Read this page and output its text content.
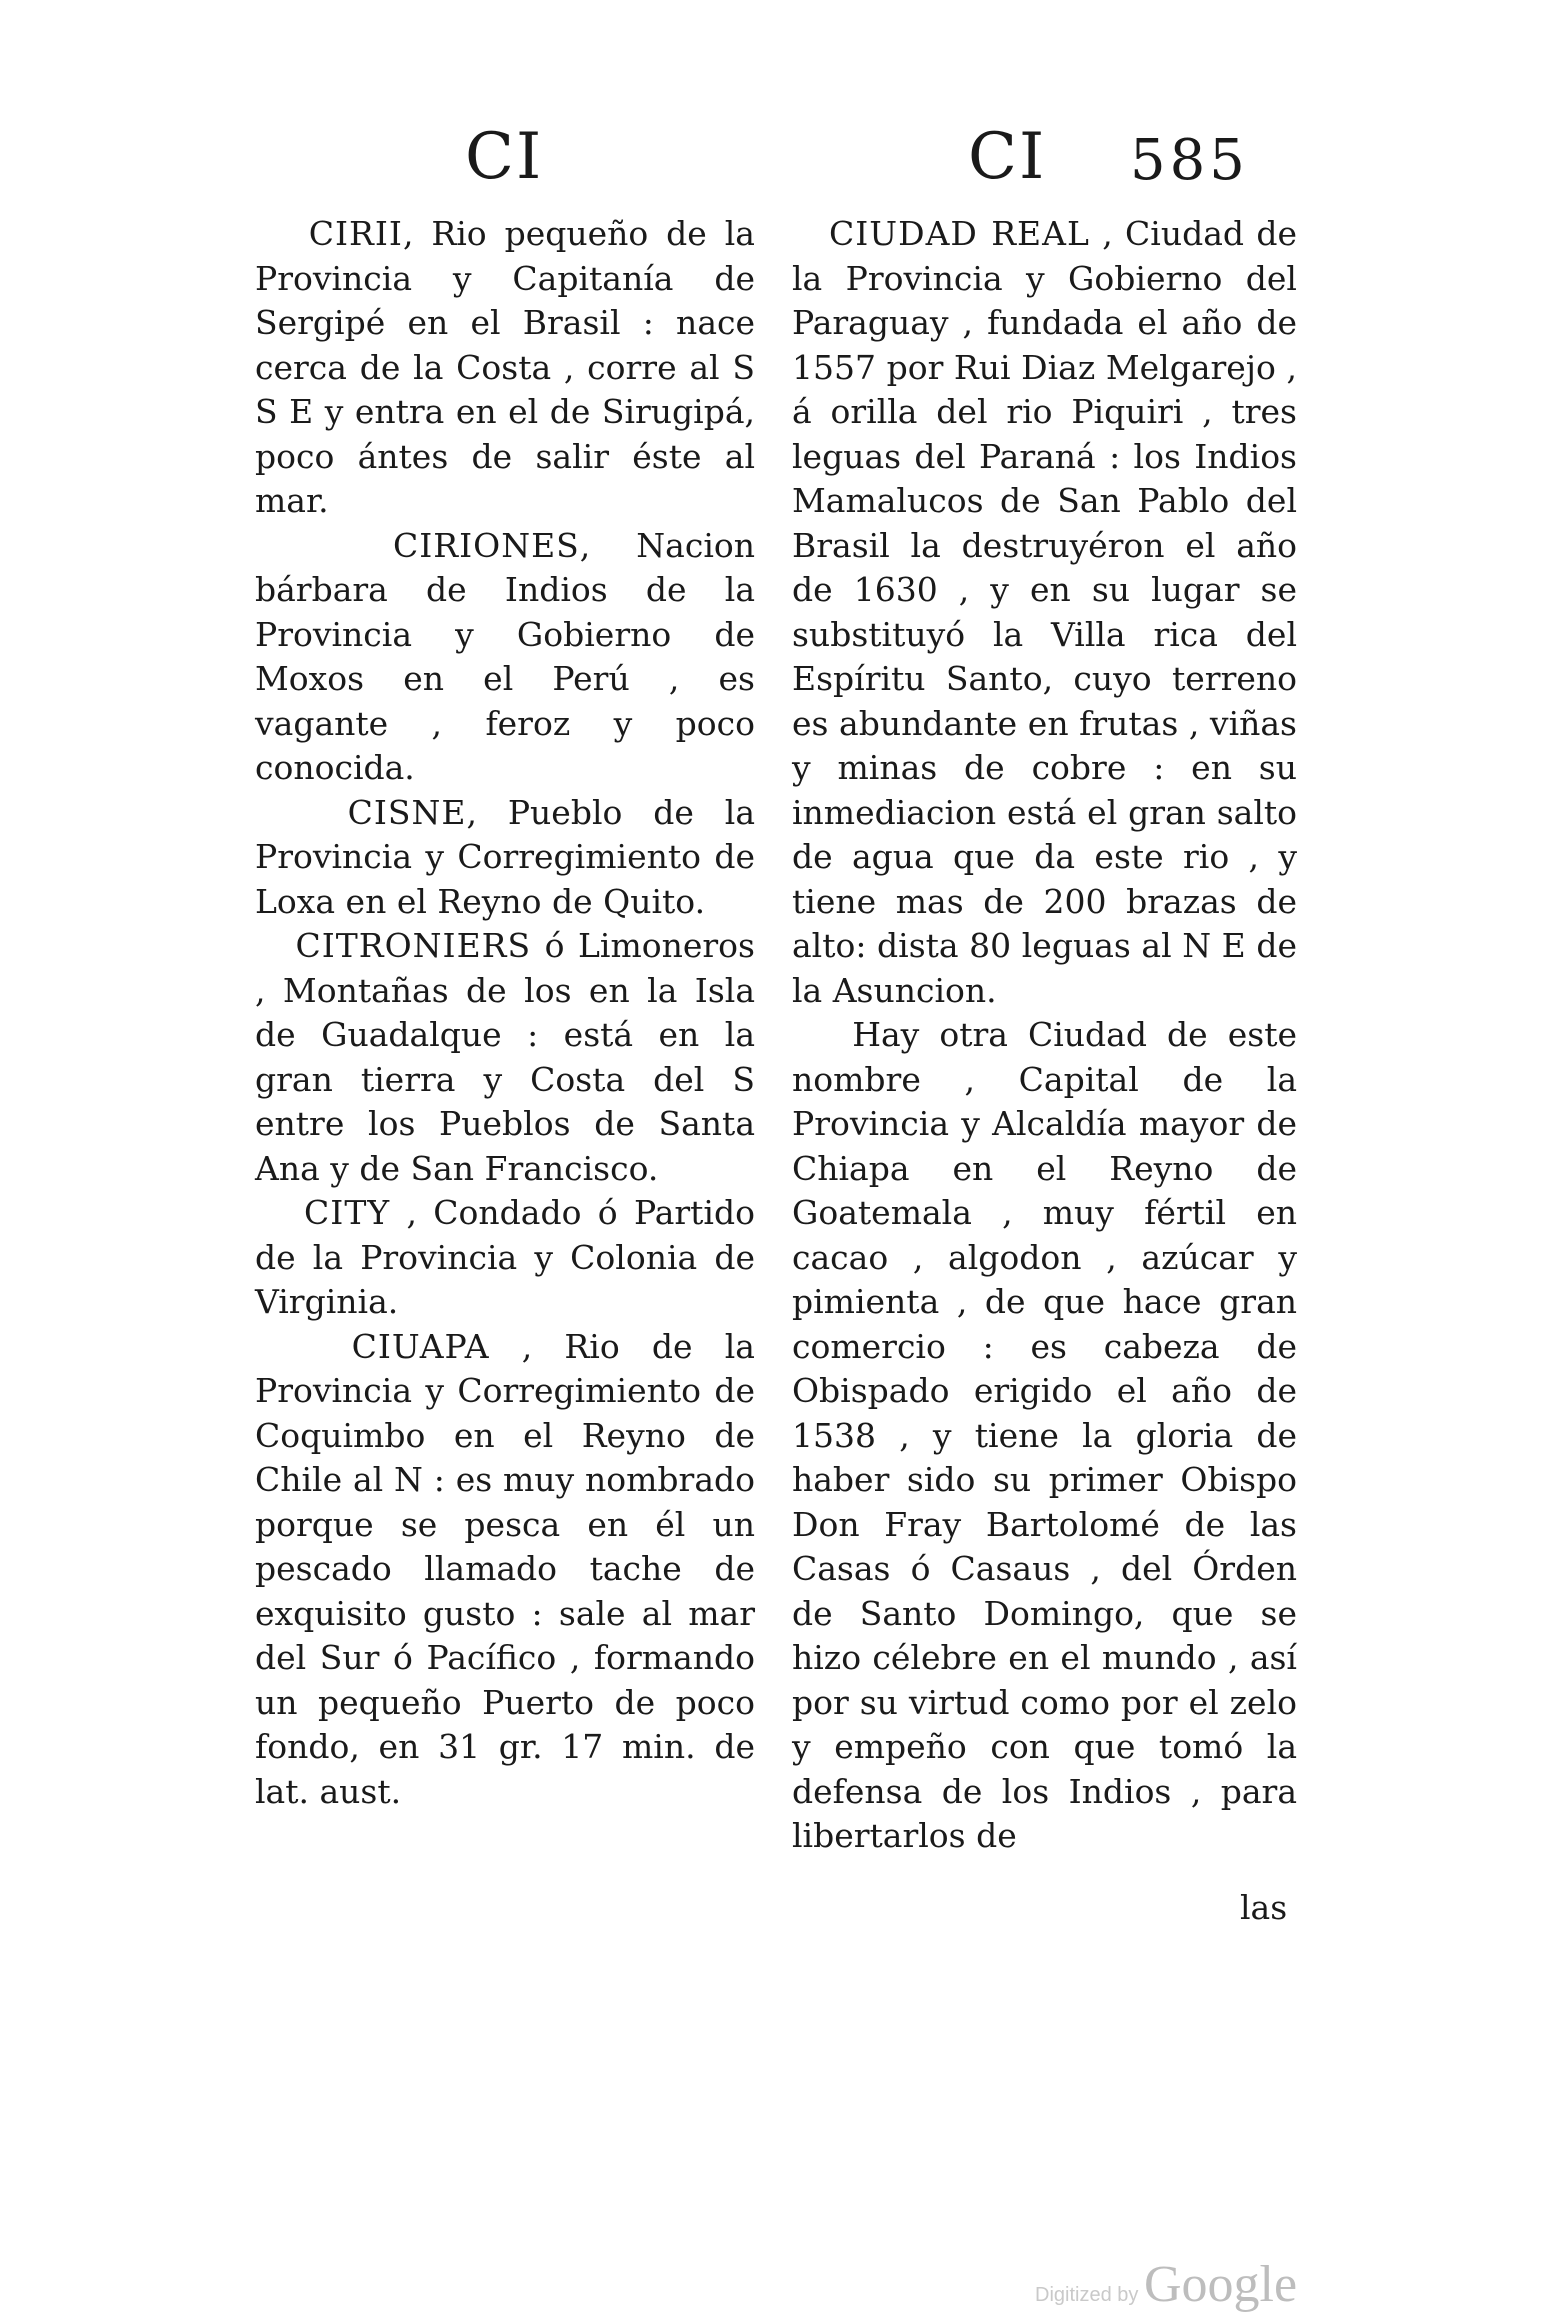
CI	CI 585

CIRII, Rio pequeño de la Provincia y Capitanía de Sergipé en el Brasil : nace cerca de la Costa , corre al S S E y entra en el de Sirugipá, poco ántes de salir éste al mar.

CIRIONES, Nacion bárbara de Indios de la Provincia y Gobierno de Moxos en el Perú , es vagante , feroz y poco conocida.

CISNE, Pueblo de la Provincia y Corregimiento de Loxa en el Reyno de Quito.

CITRONIERS ó Limoneros , Montañas de los en la Isla de Guadalque : está en la gran tierra y Costa del S entre los Pueblos de Santa Ana y de San Francisco.

CITY , Condado ó Partido de la Provincia y Colonia de Virginia.

CIUAPA , Rio de la Provincia y Corregimiento de Coquimbo en el Reyno de Chile al N : es muy nombrado porque se pesca en él un pescado llamado tache de exquisito gusto : sale al mar del Sur ó Pacífico , formando un pequeño Puerto de poco fondo, en 31 gr. 17 min. de lat. aust.

CIUDAD REAL , Ciudad de la Provincia y Gobierno del Paraguay , fundada el año de 1557 por Rui Diaz Melgarejo , á orilla del rio Piquiri , tres leguas del Paraná : los Indios Mamalucos de San Pablo del Brasil la destruyéron el año de 1630 , y en su lugar se substituyó la Villa rica del Espíritu Santo, cuyo terreno es abundante en frutas , viñas y minas de cobre : en su inmediacion está el gran salto de agua que da este rio , y tiene mas de 200 brazas de alto: dista 80 leguas al N E de la Asuncion.

Hay otra Ciudad de este nombre , Capital de la Provincia y Alcaldía mayor de Chiapa en el Reyno de Goatemala , muy fértil en cacao , algodon , azúcar y pimienta , de que hace gran comercio : es cabeza de Obispado erigido el año de 1538 , y tiene la gloria de haber sido su primer Obispo Don Fray Bartolomé de las Casas ó Casaus , del Órden de Santo Domingo, que se hizo célebre en el mundo , así por su virtud como por el zelo y empeño con que tomó la defensa de los Indios , para libertarlos de

las
Digitized by Google
